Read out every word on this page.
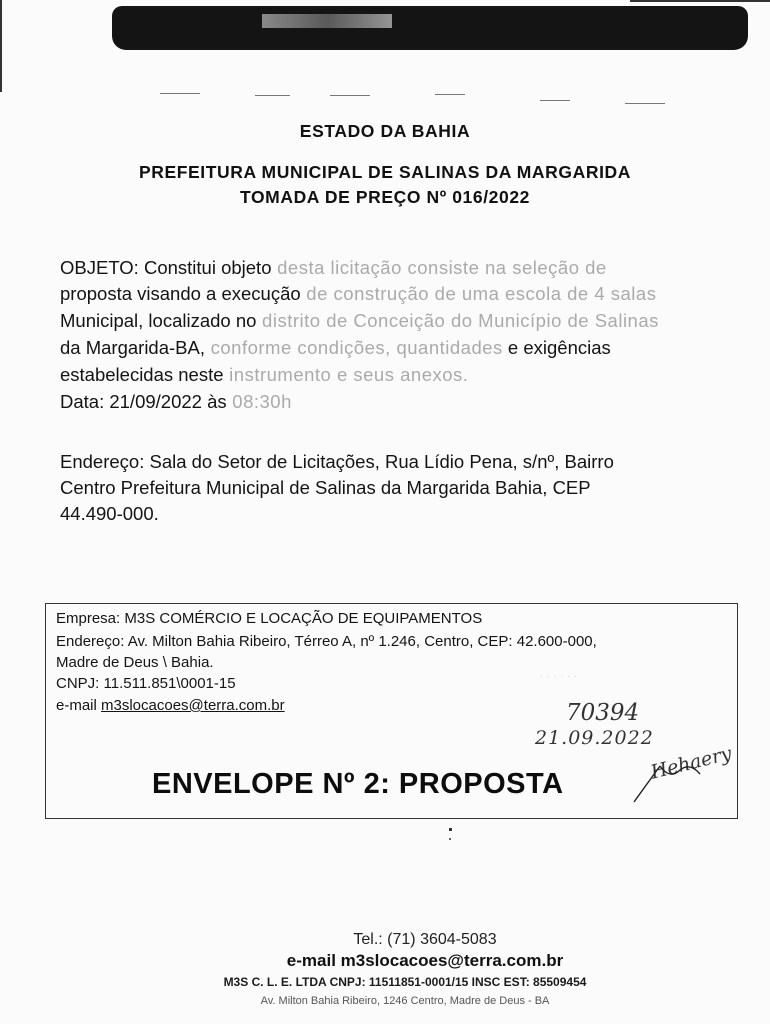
ESTADO DA BAHIA

PREFEITURA MUNICIPAL DE SALINAS DA MARGARIDA

TOMADA DE PREÇO Nº 016/2022

OBJETO: Constitui objeto desta licitação consiste na seleção de

proposta visando a execução de construção de uma escola de 4 salas

Municipal, localizado no distrito de Conceição do Município de Salinas

da Margarida-BA, conforme condições, quantidades e exigências

estabelecidas neste instrumento e seus anexos.

Data: 21/09/2022 às 08:30h

Endereço: Sala do Setor de Licitações, Rua Lídio Pena, s/nº, Bairro

Centro Prefeitura Municipal de Salinas da Margarida Bahia, CEP

44.490-000.

Empresa: M3S COMÉRCIO E LOCAÇÃO DE EQUIPAMENTOS

Endereço: Av. Milton Bahia Ribeiro, Térreo A, nº 1.246, Centro, CEP: 42.600-000,

Madre de Deus \ Bahia.

CNPJ: 11.511.851\0001-15

e-mail m3slocacoes@terra.com.br

· · · · · ·
70394
21.09.2022
Hehaery

ENVELOPE Nº 2: PROPOSTA

Tel.: (71) 3604-5083

e-mail m3slocacoes@terra.com.br

M3S C. L. E. LTDA CNPJ: 11511851-0001/15 INSC EST: 85509454

Av. Milton Bahia Ribeiro, 1246 Centro, Madre de Deus - BA
